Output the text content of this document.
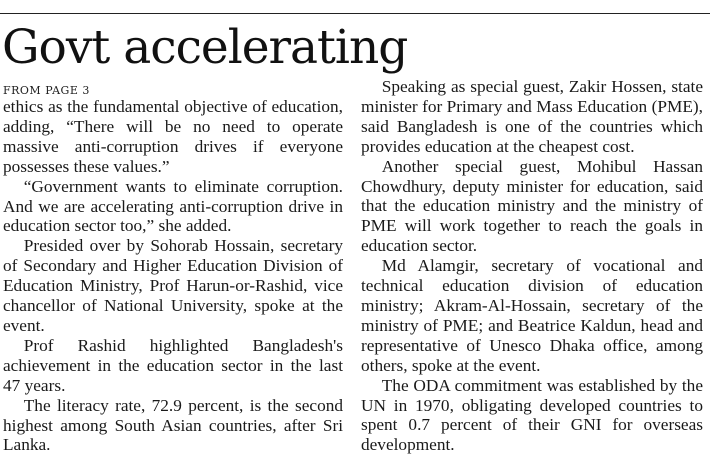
Govt accelerating
FROM PAGE 3

ethics as the fundamental objective of education, adding, “There will be no need to operate massive anti-corruption drives if everyone possesses these values.”

“Government wants to eliminate corruption. And we are accelerating anti-corruption drive in education sector too,” she added.

Presided over by Sohorab Hossain, secretary of Secondary and Higher Education Division of Education Ministry, Prof Harun-or-Rashid, vice chancellor of National University, spoke at the event.

Prof Rashid highlighted Bangladesh's achievement in the education sector in the last 47 years.

The literacy rate, 72.9 percent, is the second highest among South Asian countries, after Sri Lanka.

Speaking as special guest, Zakir Hossen, state minister for Primary and Mass Education (PME), said Bangladesh is one of the countries which provides education at the cheapest cost.

Another special guest, Mohibul Hassan Chowdhury, deputy minister for education, said that the education ministry and the ministry of PME will work together to reach the goals in education sector.

Md Alamgir, secretary of vocational and technical education division of education ministry; Akram-Al-Hossain, secretary of the ministry of PME; and Beatrice Kaldun, head and representative of Unesco Dhaka office, among others, spoke at the event.

The ODA commitment was established by the UN in 1970, obligating developed countries to spent 0.7 percent of their GNI for overseas development.
